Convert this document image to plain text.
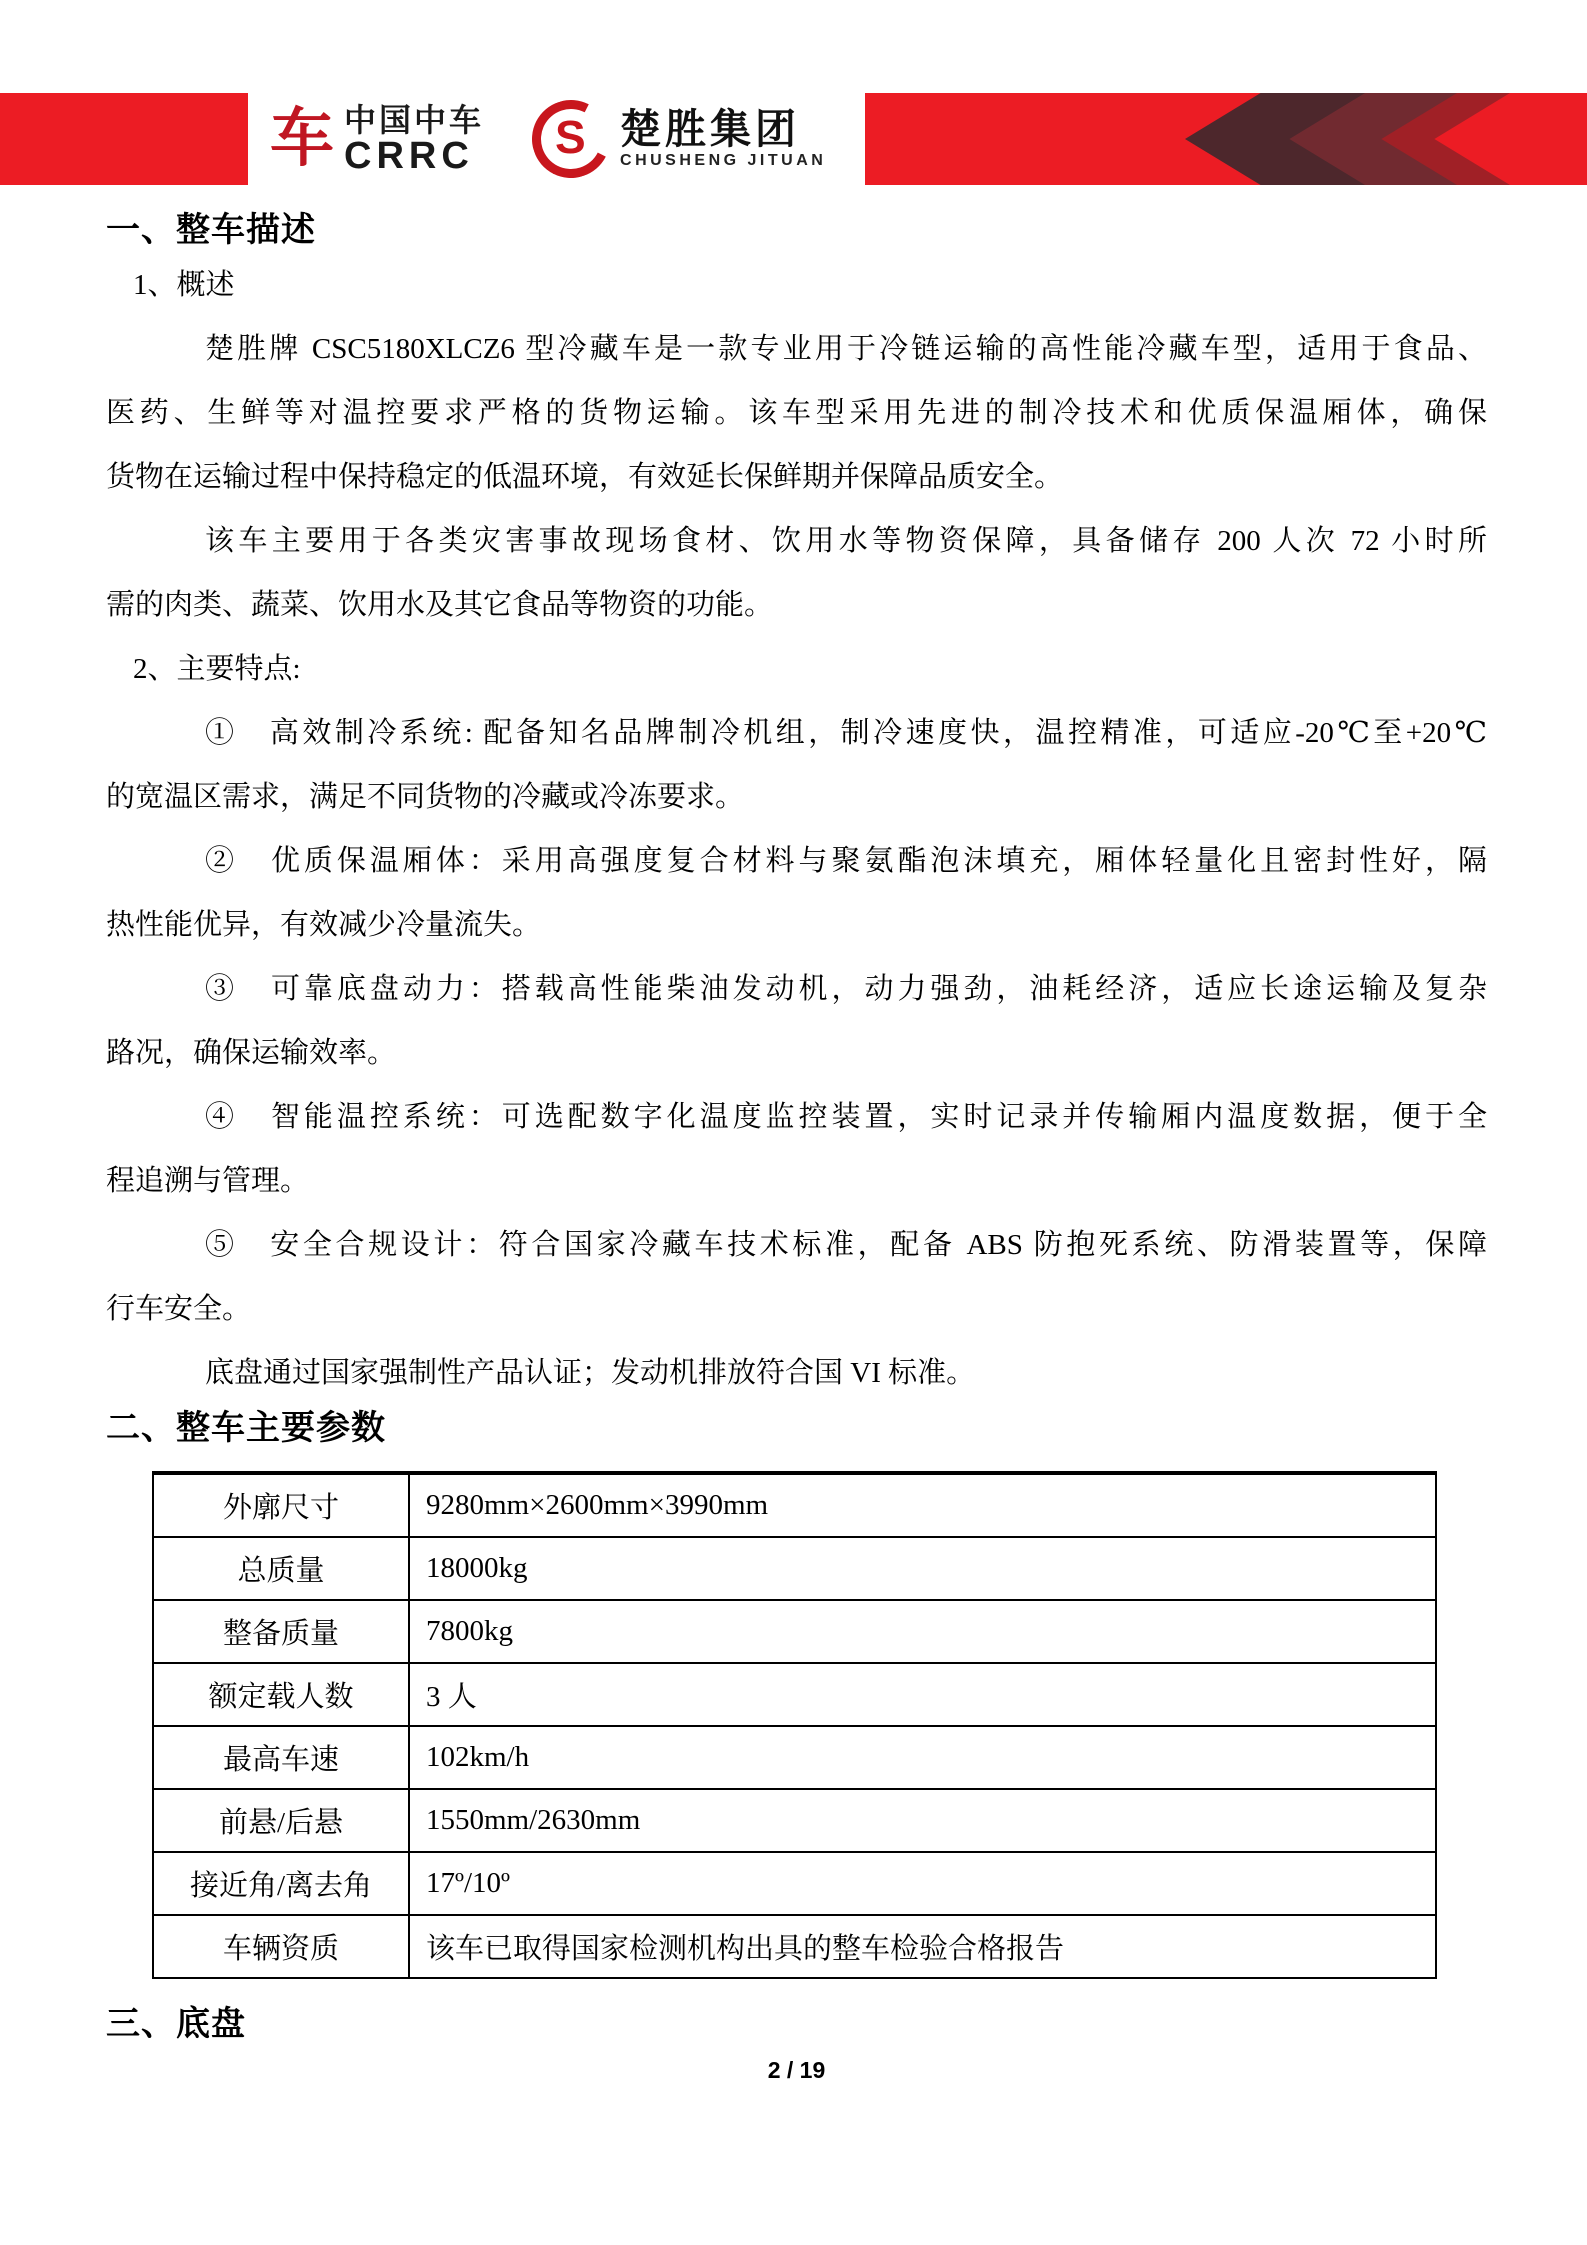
车 中国中车
CRRC S 楚胜集团
CHUSHENG JITUAN
一、整车描述

1、概述

楚胜牌 CSC5180XLCZ6 型冷藏车是一款专业用于冷链运输的高性能冷藏车型，适用于食品、

医药、生鲜等对温控要求严格的货物运输。该车型采用先进的制冷技术和优质保温厢体，确保

货物在运输过程中保持稳定的低温环境，有效延长保鲜期并保障品质安全。

该车主要用于各类灾害事故现场食材、饮用水等物资保障，具备储存 200 人次 72 小时所

需的肉类、蔬菜、饮用水及其它食品等物资的功能。

2、主要特点:

①　高效制冷系统: 配备知名品牌制冷机组，制冷速度快，温控精准，可适应-20℃至+20℃

的宽温区需求，满足不同货物的冷藏或冷冻要求。

②　优质保温厢体：采用高强度复合材料与聚氨酯泡沫填充，厢体轻量化且密封性好，隔

热性能优异，有效减少冷量流失。

③　可靠底盘动力：搭载高性能柴油发动机，动力强劲，油耗经济，适应长途运输及复杂

路况，确保运输效率。

④　智能温控系统：可选配数字化温度监控装置，实时记录并传输厢内温度数据，便于全

程追溯与管理。

⑤　安全合规设计：符合国家冷藏车技术标准，配备 ABS 防抱死系统、防滑装置等，保障

行车安全。

底盘通过国家强制性产品认证；发动机排放符合国 VI 标准。

二、整车主要参数
外廓尺寸	9280mm×2600mm×3990mm
总质量	18000kg
整备质量	7800kg
额定载人数	3 人
最高车速	102km/h
前悬/后悬	1550mm/2630mm
接近角/离去角	17º/10º
车辆资质	该车已取得国家检测机构出具的整车检验合格报告
三、底盘
2 / 19
